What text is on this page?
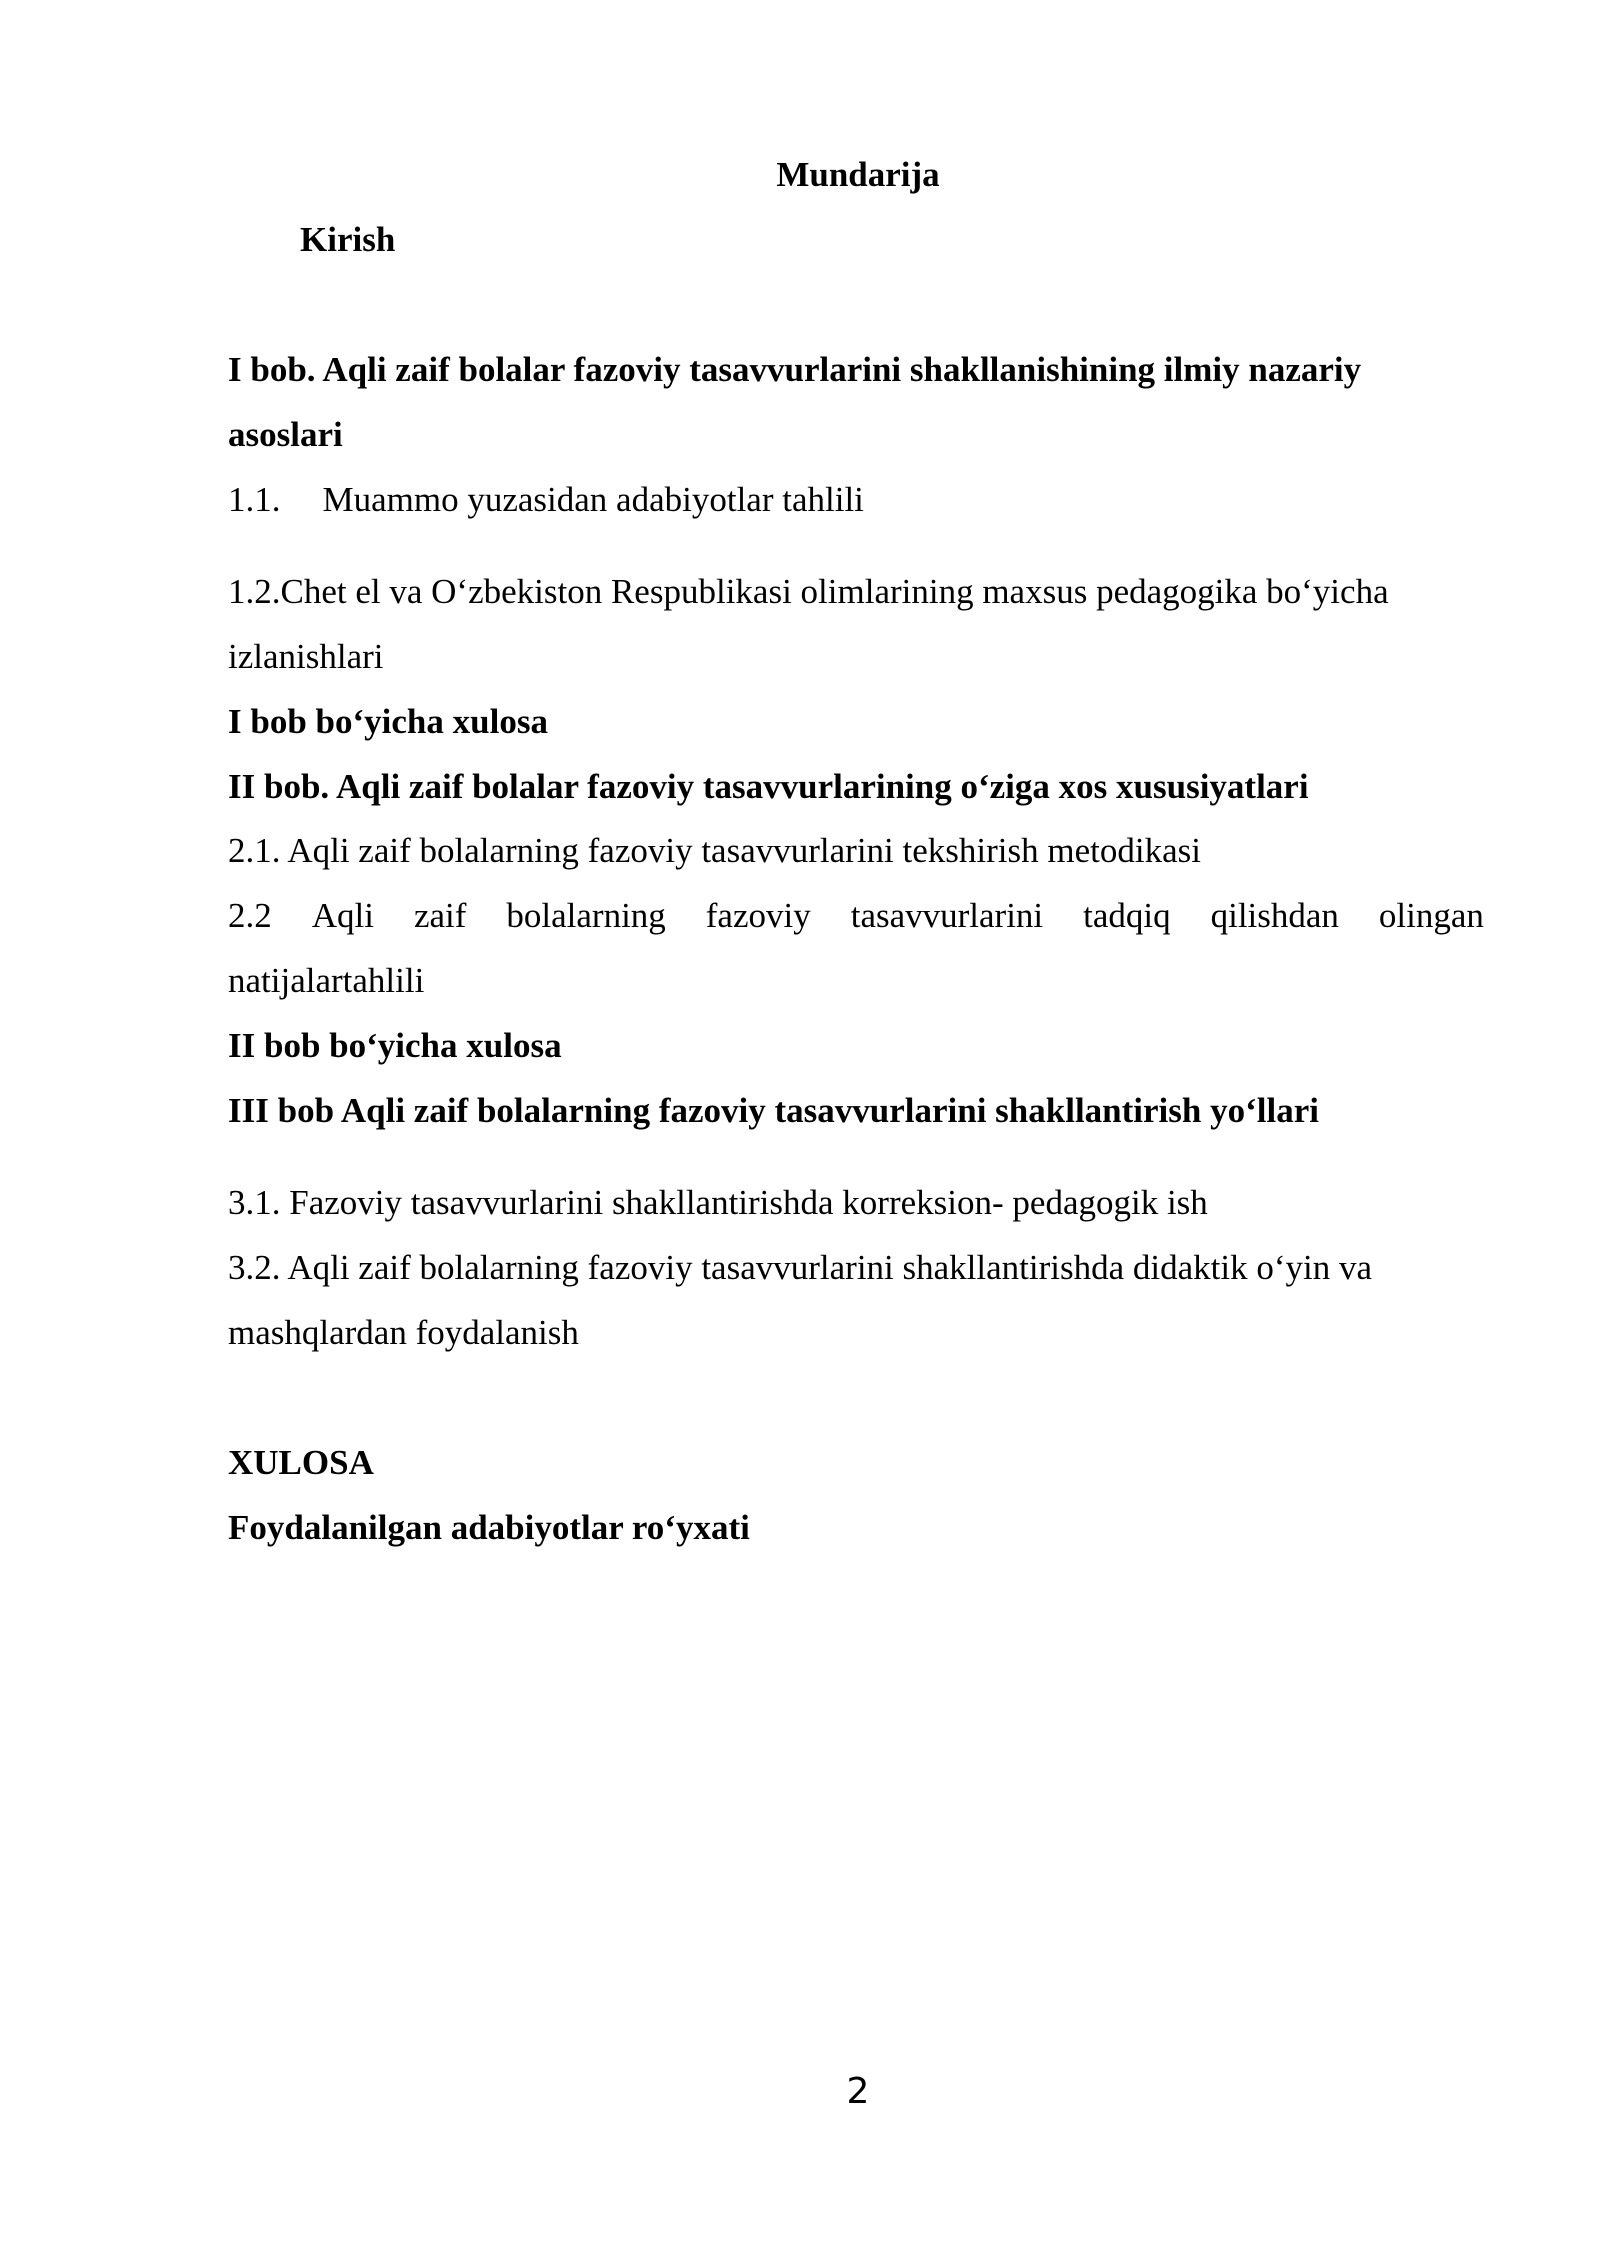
Mundarija
Kirish
I bob. Aqli zaif bolalar fazoviy tasavvurlarini shakllanishining ilmiy nazariy
asoslari
1.1. Muammo yuzasidan adabiyotlar tahlili
1.2.Chet el va O‘zbekiston Respublikasi olimlarining maxsus pedagogika bo‘yicha
izlanishlari
I bob bo‘yicha xulosa
II bob. Aqli zaif bolalar fazoviy tasavvurlarining o‘ziga xos xususiyatlari
2.1. Aqli zaif bolalarning fazoviy tasavvurlarini tekshirish metodikasi
2.2 Aqli zaif bolalarning fazoviy tasavvurlarini tadqiq qilishdan olingan
natijalartahlili
II bob bo‘yicha xulosa
III bob Aqli zaif bolalarning fazoviy tasavvurlarini shakllantirish yo‘llari
3.1. Fazoviy tasavvurlarini shakllantirishda korreksion- pedagogik ish
3.2. Aqli zaif bolalarning fazoviy tasavvurlarini shakllantirishda didaktik o‘yin va
mashqlardan foydalanish
XULOSA
Foydalanilgan adabiyotlar ro‘yxati
2
